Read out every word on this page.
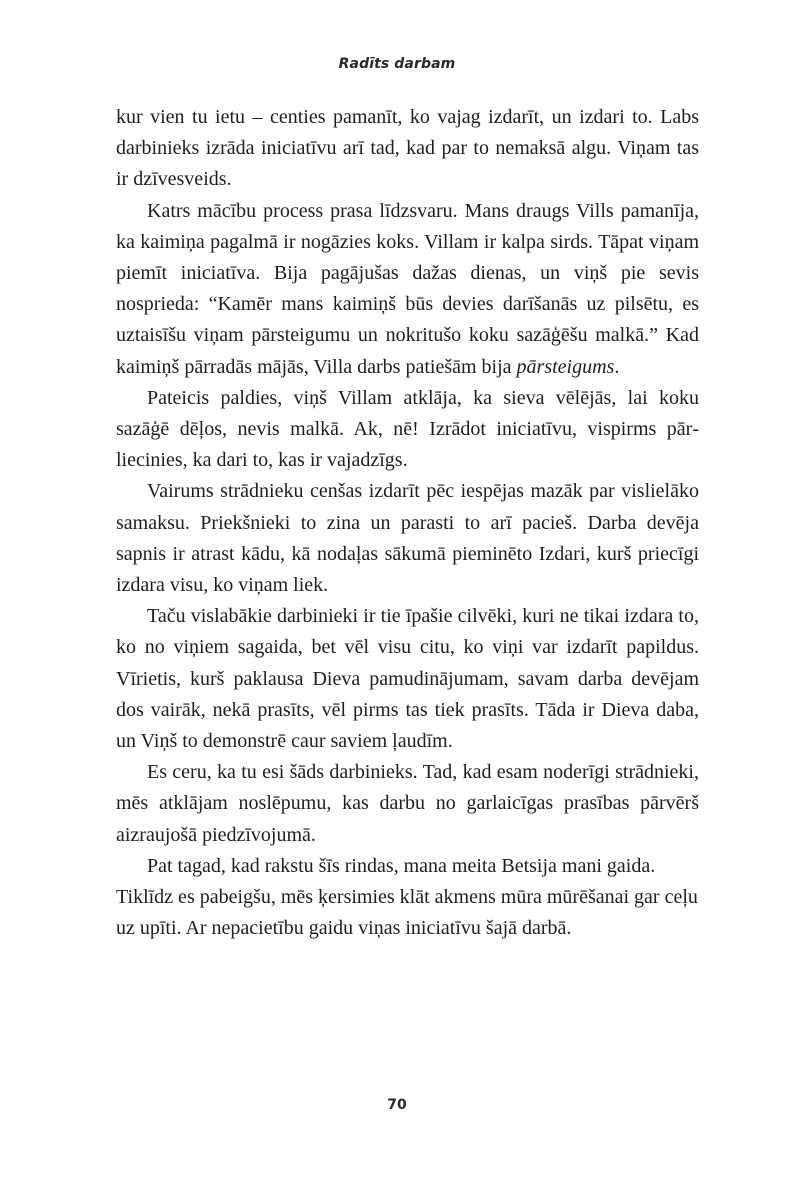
Radīts darbam

kur vien tu ietu – centies pamanīt, ko vajag izdarīt, un izdari to. Labs darbinieks izrāda iniciatīvu arī tad, kad par to nemaksā algu. Viņam tas ir dzīvesveids.

Katrs mācību process prasa līdzsvaru. Mans draugs Vills pamanīja, ka kaimiņa pagalmā ir nogāzies koks. Villam ir kalpa sirds. Tāpat viņam piemīt iniciatīva. Bija pagājušas dažas dienas, un viņš pie sevis nosprieda: “Kamēr mans kaimiņš būs devies darīšanās uz pilsētu, es uztaisīšu viņam pārsteigumu un nokritušo koku sazāģēšu malkā.” Kad kaimiņš pārradās mājās, Villa darbs patiešām bija pārsteigums.

Pateicis paldies, viņš Villam atklāja, ka sieva vēlējās, lai koku sazāģē dēļos, nevis malkā. Ak, nē! Izrādot iniciatīvu, vispirms pārliecinies, ka dari to, kas ir vajadzīgs.

Vairums strādnieku cenšas izdarīt pēc iespējas mazāk par vislielāko samaksu. Priekšnieki to zina un parasti to arī pacieš. Darba devēja sapnis ir atrast kādu, kā nodaļas sākumā pieminēto Izdari, kurš priecīgi izdara visu, ko viņam liek.

Taču vislabākie darbinieki ir tie īpašie cilvēki, kuri ne tikai izdara to, ko no viņiem sagaida, bet vēl visu citu, ko viņi var izdarīt papildus. Vīrietis, kurš paklausa Dieva pamudinājumam, savam darba devējam dos vairāk, nekā prasīts, vēl pirms tas tiek prasīts. Tāda ir Dieva daba, un Viņš to demonstrē caur saviem ļaudīm.

Es ceru, ka tu esi šāds darbinieks. Tad, kad esam noderīgi strādnieki, mēs atklājam noslēpumu, kas darbu no garlaicīgas prasības pārvērš aizraujošā piedzīvojumā.

Pat tagad, kad rakstu šīs rindas, mana meita Betsija mani gaida. Tiklīdz es pabeigšu, mēs ķersimies klāt akmens mūra mūrēšanai gar ceļu uz upīti. Ar nepacietību gaidu viņas iniciatīvu šajā darbā.

70
